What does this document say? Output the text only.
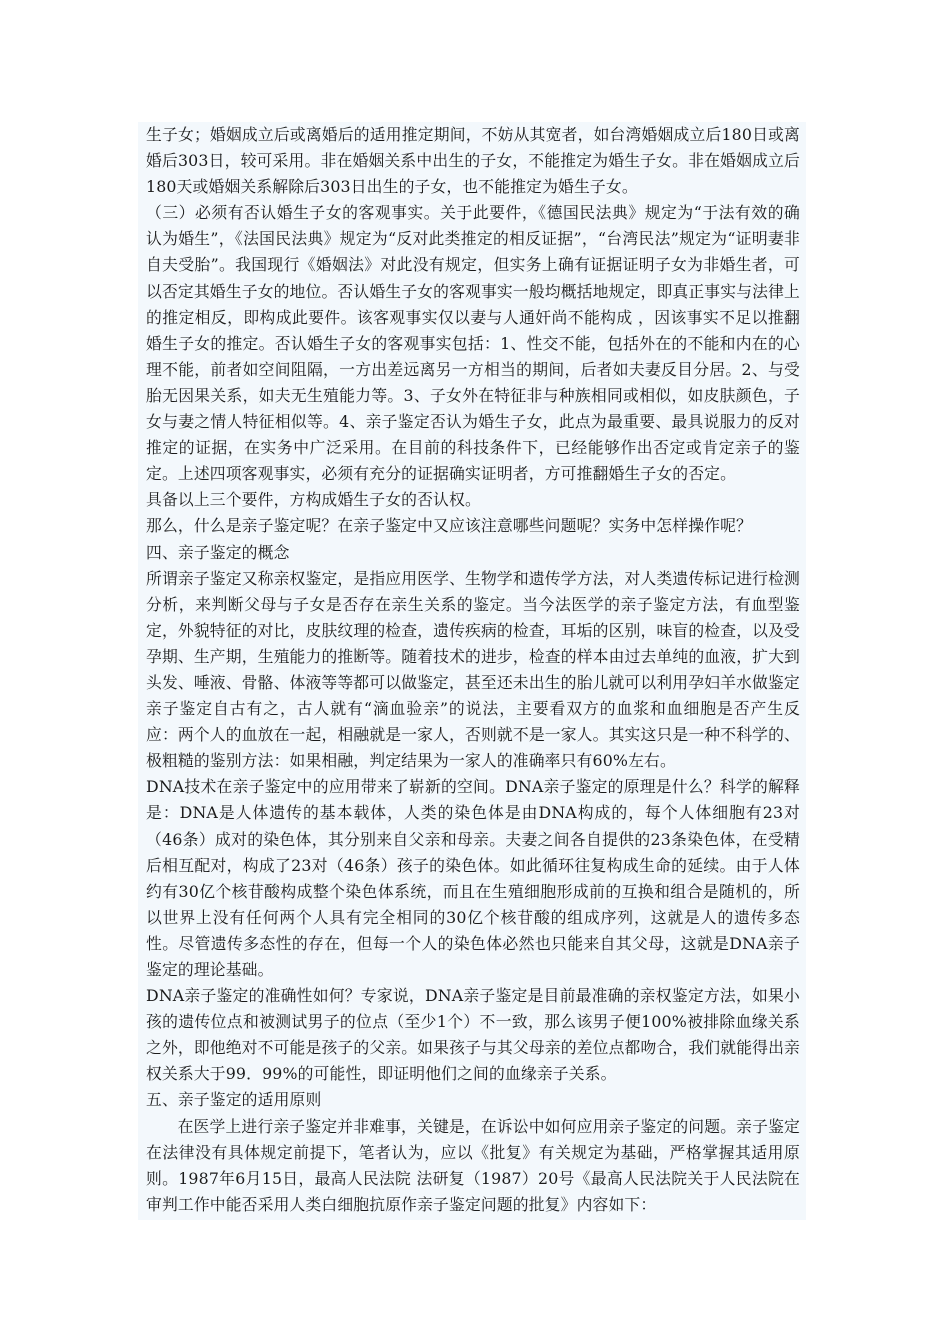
生子女；婚姻成立后或离婚后的适用推定期间，不妨从其宽者，如台湾婚姻成立后180日或离婚后303日，较可采用。非在婚姻关系中出生的子女，不能推定为婚生子女。非在婚姻成立后180天或婚姻关系解除后303日出生的子女，也不能推定为婚生子女。

（三）必须有否认婚生子女的客观事实。关于此要件，《德国民法典》规定为“于法有效的确认为婚生”，《法国民法典》规定为“反对此类推定的相反证据”，“台湾民法”规定为“证明妻非自夫受胎”。我国现行《婚姻法》对此没有规定，但实务上确有证据证明子女为非婚生者，可以否定其婚生子女的地位。否认婚生子女的客观事实一般均概括地规定，即真正事实与法律上的推定相反，即构成此要件。该客观事实仅以妻与人通奸尚不能构成 ，因该事实不足以推翻婚生子女的推定。否认婚生子女的客观事实包括：1、性交不能，包括外在的不能和内在的心理不能，前者如空间阻隔，一方出差远离另一方相当的期间，后者如夫妻反目分居。2、与受胎无因果关系，如夫无生殖能力等。3、子女外在特征非与种族相同或相似，如皮肤颜色，子女与妻之情人特征相似等。4、亲子鉴定否认为婚生子女，此点为最重要、最具说服力的反对推定的证据，在实务中广泛采用。在目前的科技条件下，已经能够作出否定或肯定亲子的鉴定。上述四项客观事实，必须有充分的证据确实证明者，方可推翻婚生子女的否定。

具备以上三个要件，方构成婚生子女的否认权。

那么，什么是亲子鉴定呢？在亲子鉴定中又应该注意哪些问题呢？实务中怎样操作呢？

四、亲子鉴定的概念

所谓亲子鉴定又称亲权鉴定，是指应用医学、生物学和遗传学方法，对人类遗传标记进行检测分析，来判断父母与子女是否存在亲生关系的鉴定。当今法医学的亲子鉴定方法，有血型鉴定，外貌特征的对比，皮肤纹理的检查，遗传疾病的检查，耳垢的区别，味盲的检查，以及受孕期、生产期，生殖能力的推断等。随着技术的进步，检查的样本由过去单纯的血液，扩大到头发、唾液、骨骼、体液等等都可以做鉴定，甚至还未出生的胎儿就可以利用孕妇羊水做鉴定

亲子鉴定自古有之，古人就有“滴血验亲”的说法，主要看双方的血浆和血细胞是否产生反应：两个人的血放在一起，相融就是一家人，否则就不是一家人。其实这只是一种不科学的、极粗糙的鉴别方法：如果相融，判定结果为一家人的准确率只有60%左右。

DNA技术在亲子鉴定中的应用带来了崭新的空间。DNA亲子鉴定的原理是什么？科学的解释是：DNA是人体遗传的基本载体，人类的染色体是由DNA构成的，每个人体细胞有23对（46条）成对的染色体，其分别来自父亲和母亲。夫妻之间各自提供的23条染色体，在受精后相互配对，构成了23对（46条）孩子的染色体。如此循环往复构成生命的延续。由于人体约有30亿个核苷酸构成整个染色体系统，而且在生殖细胞形成前的互换和组合是随机的，所以世界上没有任何两个人具有完全相同的30亿个核苷酸的组成序列，这就是人的遗传多态性。尽管遗传多态性的存在，但每一个人的染色体必然也只能来自其父母，这就是DNA亲子鉴定的理论基础。

DNA亲子鉴定的准确性如何？专家说，DNA亲子鉴定是目前最准确的亲权鉴定方法，如果小孩的遗传位点和被测试男子的位点（至少1个）不一致，那么该男子便100%被排除血缘关系之外，即他绝对不可能是孩子的父亲。如果孩子与其父母亲的差位点都吻合，我们就能得出亲权关系大于99．99%的可能性，即证明他们之间的血缘亲子关系。

五、亲子鉴定的适用原则

在医学上进行亲子鉴定并非难事，关键是，在诉讼中如何应用亲子鉴定的问题。亲子鉴定在法律没有具体规定前提下，笔者认为，应以《批复》有关规定为基础，严格掌握其适用原则。1987年6月15日，最高人民法院 法研复（1987）20号《最高人民法院关于人民法院在审判工作中能否采用人类白细胞抗原作亲子鉴定问题的批复》内容如下：
